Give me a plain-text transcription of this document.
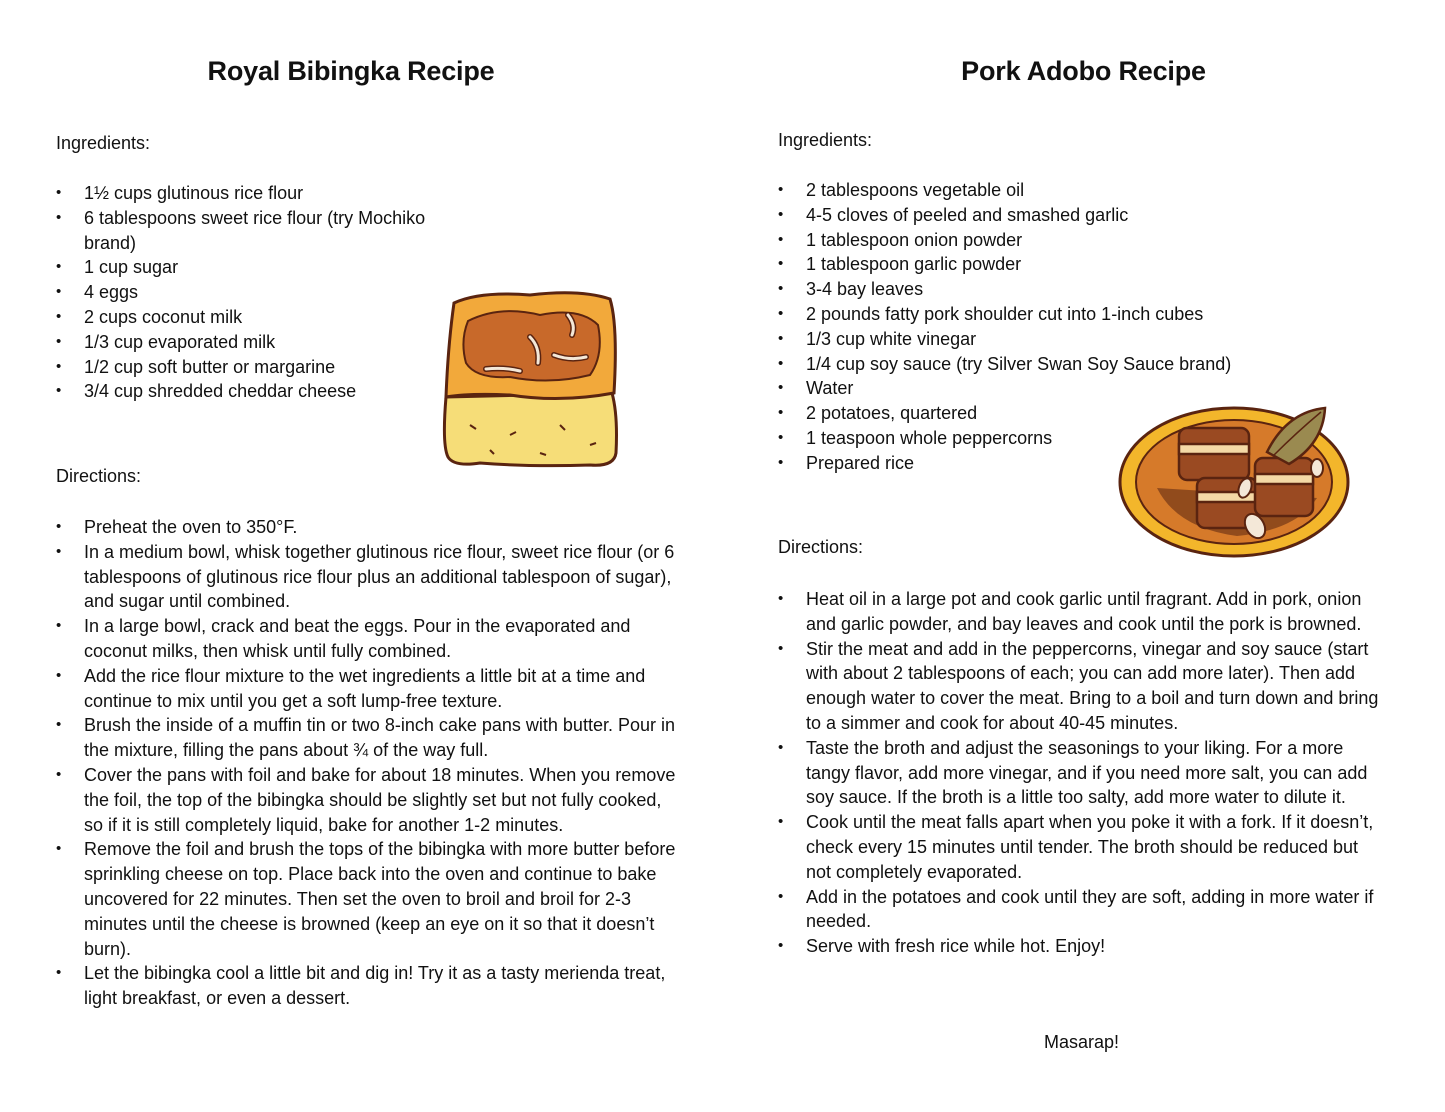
Royal Bibingka Recipe
Ingredients:
• 1½ cups glutinous rice flour
• 6 tablespoons sweet rice flour (try Mochiko brand)
• 1 cup sugar
• 4 eggs
• 2 cups coconut milk
• 1/3 cup evaporated milk
• 1/2 cup soft butter or margarine
• 3/4 cup shredded cheddar cheese
Directions:
• Preheat the oven to 350°F.
• In a medium bowl, whisk together glutinous rice flour, sweet rice flour (or 6 tablespoons of glutinous rice flour plus an additional tablespoon of sugar), and sugar until combined.
• In a large bowl, crack and beat the eggs. Pour in the evaporated and coconut milks, then whisk until fully combined.
• Add the rice flour mixture to the wet ingredients a little bit at a time and continue to mix until you get a soft lump-free texture.
• Brush the inside of a muffin tin or two 8-inch cake pans with butter. Pour in the mixture, filling the pans about ¾ of the way full.
• Cover the pans with foil and bake for about 18 minutes. When you remove the foil, the top of the bibingka should be slightly set but not fully cooked, so if it is still completely liquid, bake for another 1-2 minutes.
• Remove the foil and brush the tops of the bibingka with more butter before sprinkling cheese on top. Place back into the oven and continue to bake uncovered for 22 minutes. Then set the oven to broil and broil for 2-3 minutes until the cheese is browned (keep an eye on it so that it doesn’t burn).
• Let the bibingka cool a little bit and dig in! Try it as a tasty merienda treat, light breakfast, or even a dessert.
Pork Adobo Recipe
Ingredients:
• 2 tablespoons vegetable oil
• 4-5 cloves of peeled and smashed garlic
• 1 tablespoon onion powder
• 1 tablespoon garlic powder
• 3-4 bay leaves
• 2 pounds fatty pork shoulder cut into 1-inch cubes
• 1/3 cup white vinegar
• 1/4 cup soy sauce (try Silver Swan Soy Sauce brand)
• Water
• 2 potatoes, quartered
• 1 teaspoon whole peppercorns
• Prepared rice
Directions:
• Heat oil in a large pot and cook garlic until fragrant. Add in pork, onion and garlic powder, and bay leaves and cook until the pork is browned.
• Stir the meat and add in the peppercorns, vinegar and soy sauce (start with about 2 tablespoons of each; you can add more later). Then add enough water to cover the meat. Bring to a boil and turn down and bring to a simmer and cook for about 40-45 minutes.
• Taste the broth and adjust the seasonings to your liking. For a more tangy flavor, add more vinegar, and if you need more salt, you can add soy sauce. If the broth is a little too salty, add more water to dilute it.
• Cook until the meat falls apart when you poke it with a fork. If it doesn’t, check every 15 minutes until tender. The broth should be reduced but not completely evaporated.
• Add in the potatoes and cook until they are soft, adding in more water if needed.
• Serve with fresh rice while hot. Enjoy!
Masarap!
